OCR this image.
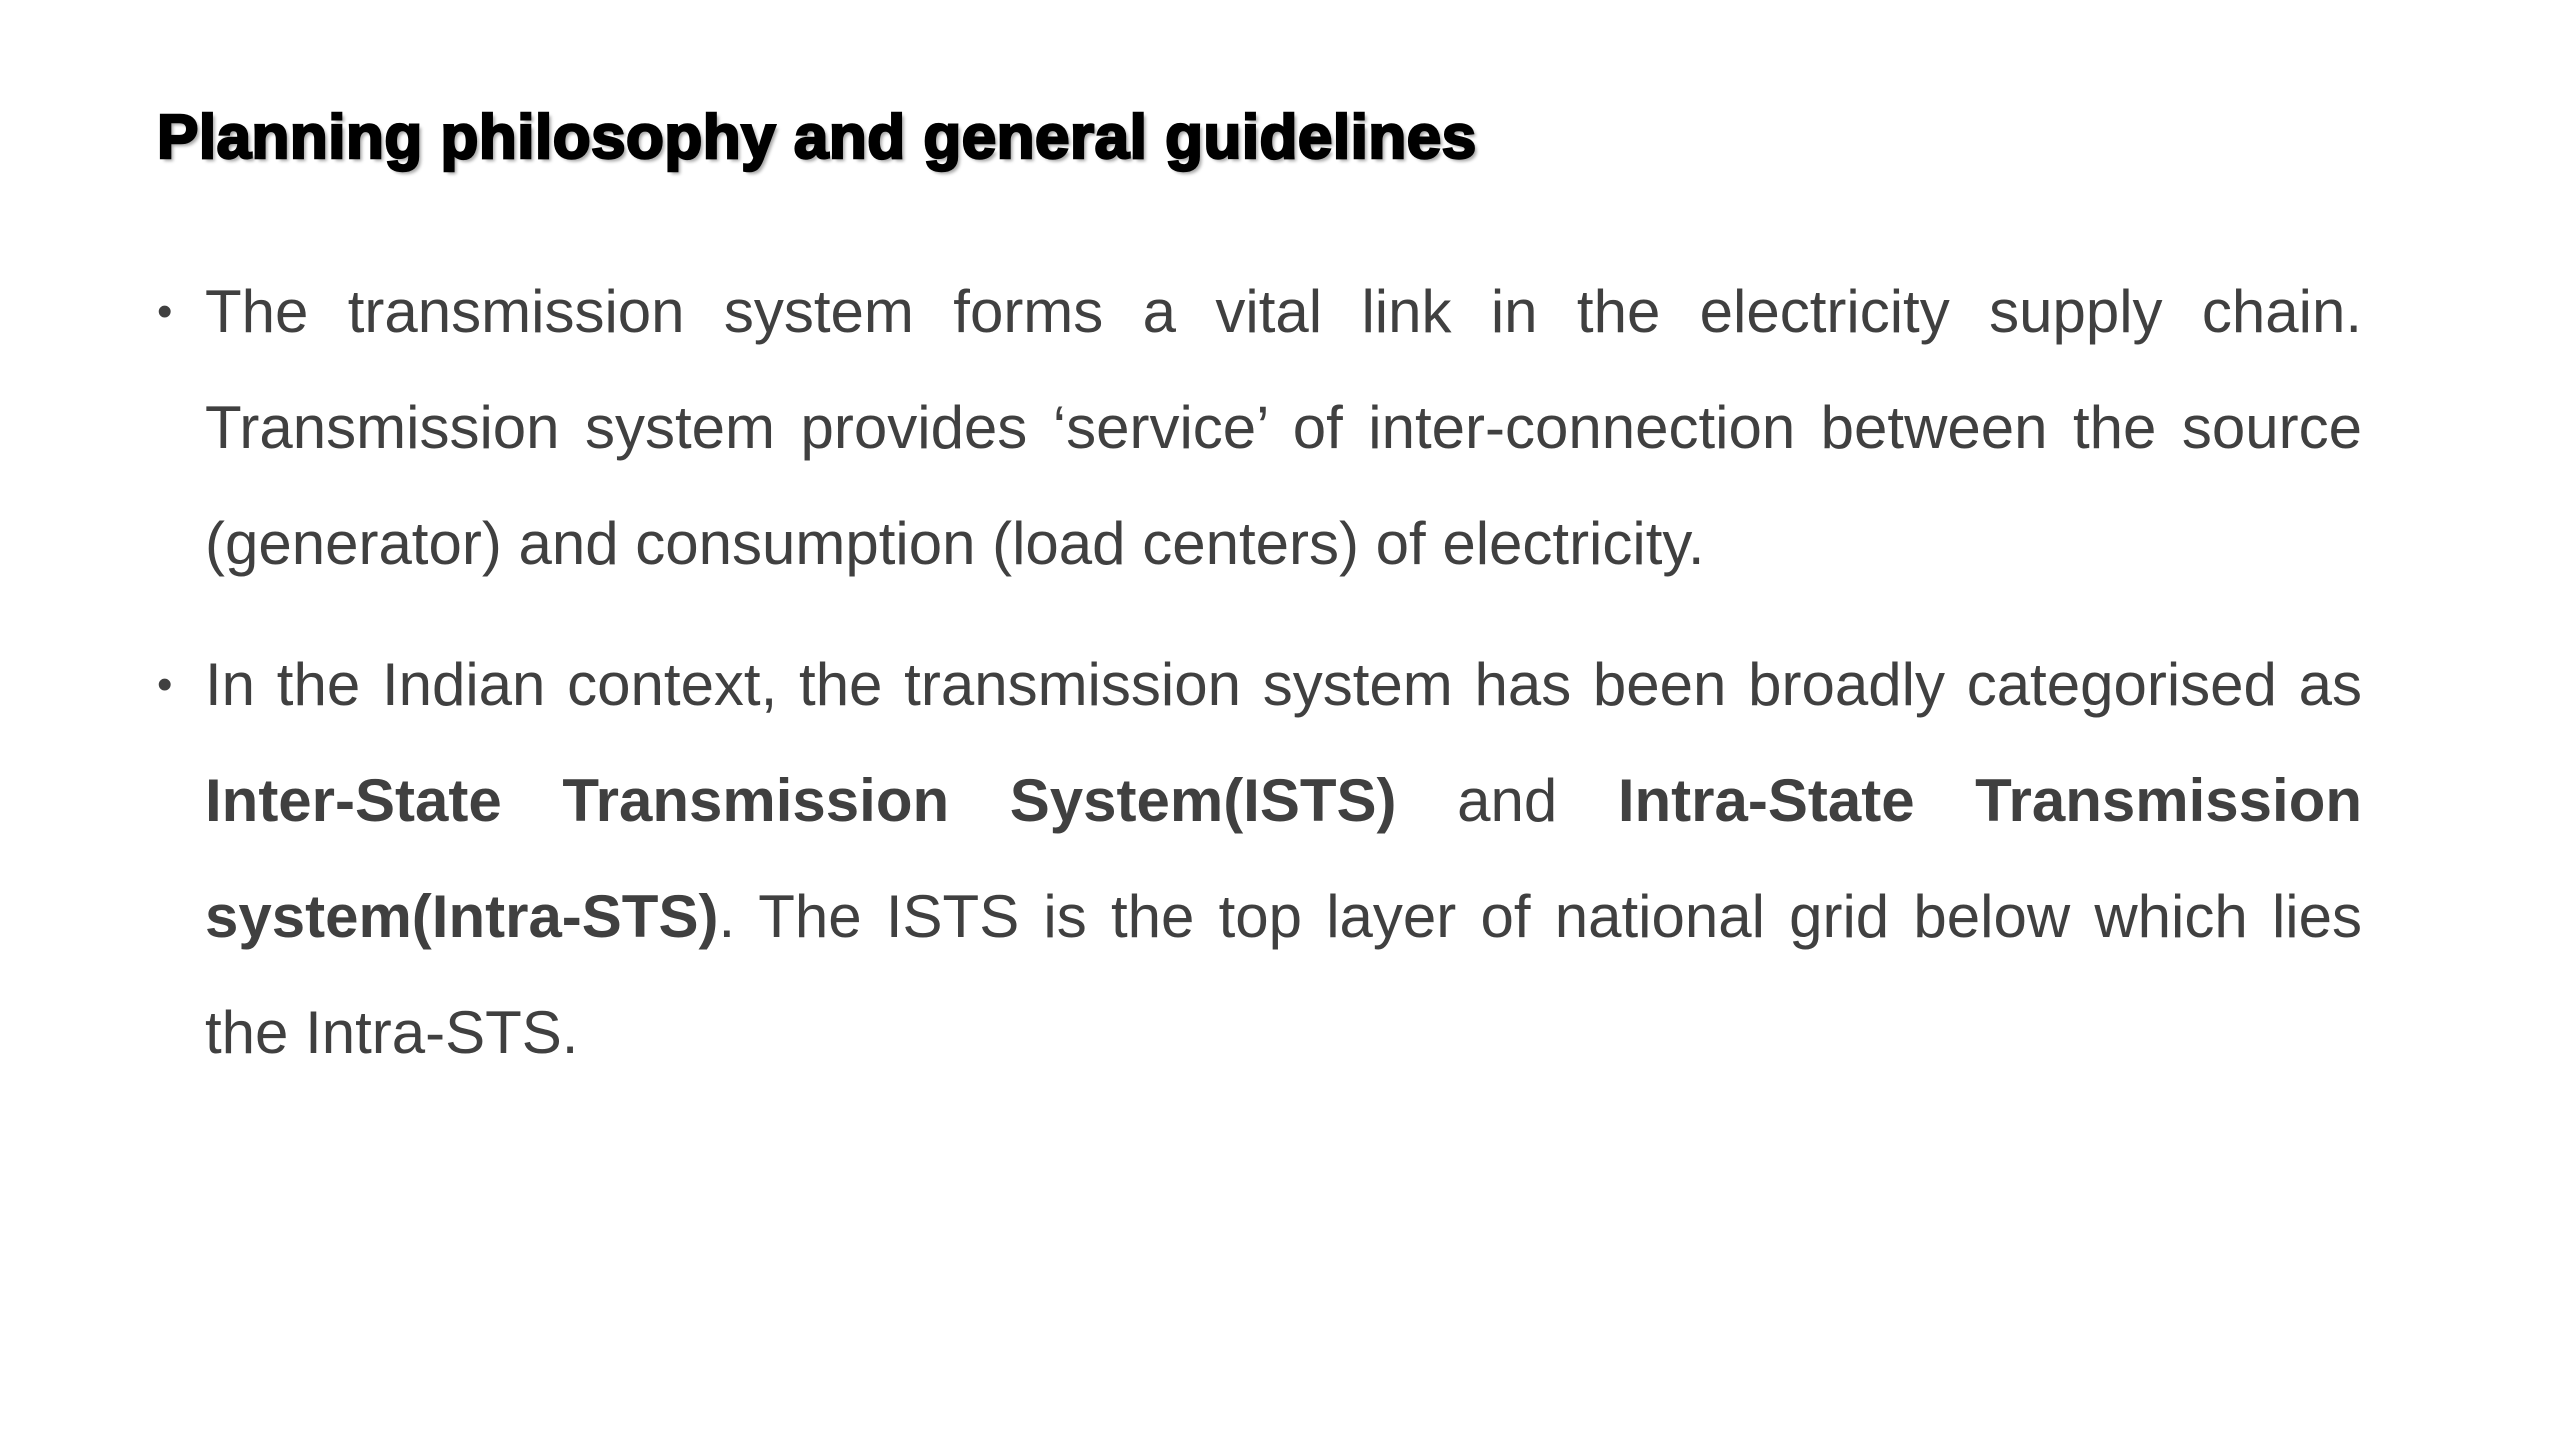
Planning philosophy and general guidelines
• The transmission system forms a vital link in the electricity supply chain. Transmission system provides ‘service’ of inter-connection between the source (generator) and consumption (load centers) of electricity.
• In the Indian context, the transmission system has been broadly categorised as Inter-State Transmission System(ISTS) and Intra-State Transmission system(Intra-STS). The ISTS is the top layer of national grid below which lies the Intra-STS.
